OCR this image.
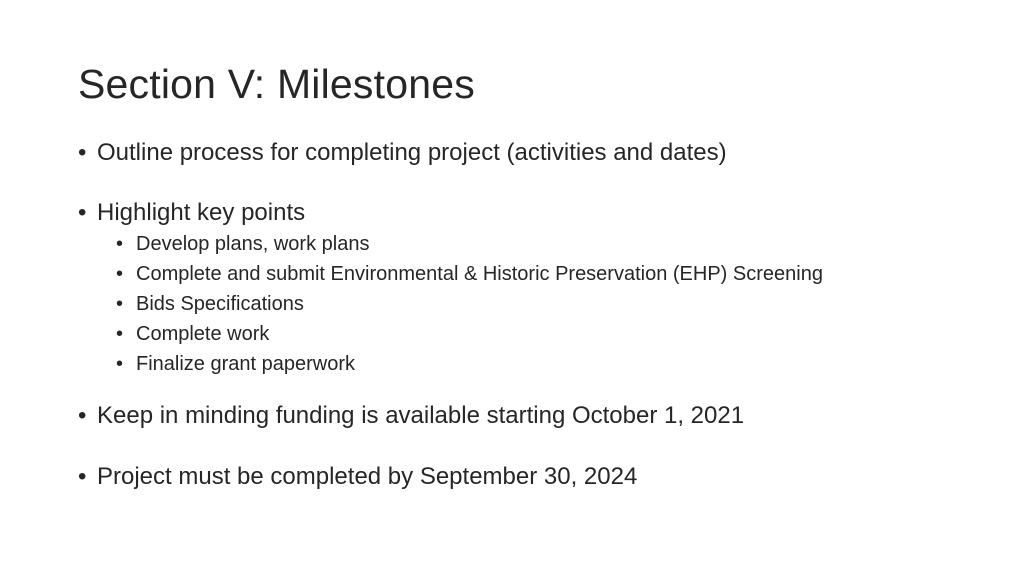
Section V: Milestones
• Outline process for completing project (activities and dates)
• Highlight key points
• Develop plans, work plans
• Complete and submit Environmental & Historic Preservation (EHP) Screening
• Bids Specifications
• Complete work
• Finalize grant paperwork
• Keep in minding funding is available starting October 1, 2021
• Project must be completed by September 30, 2024
